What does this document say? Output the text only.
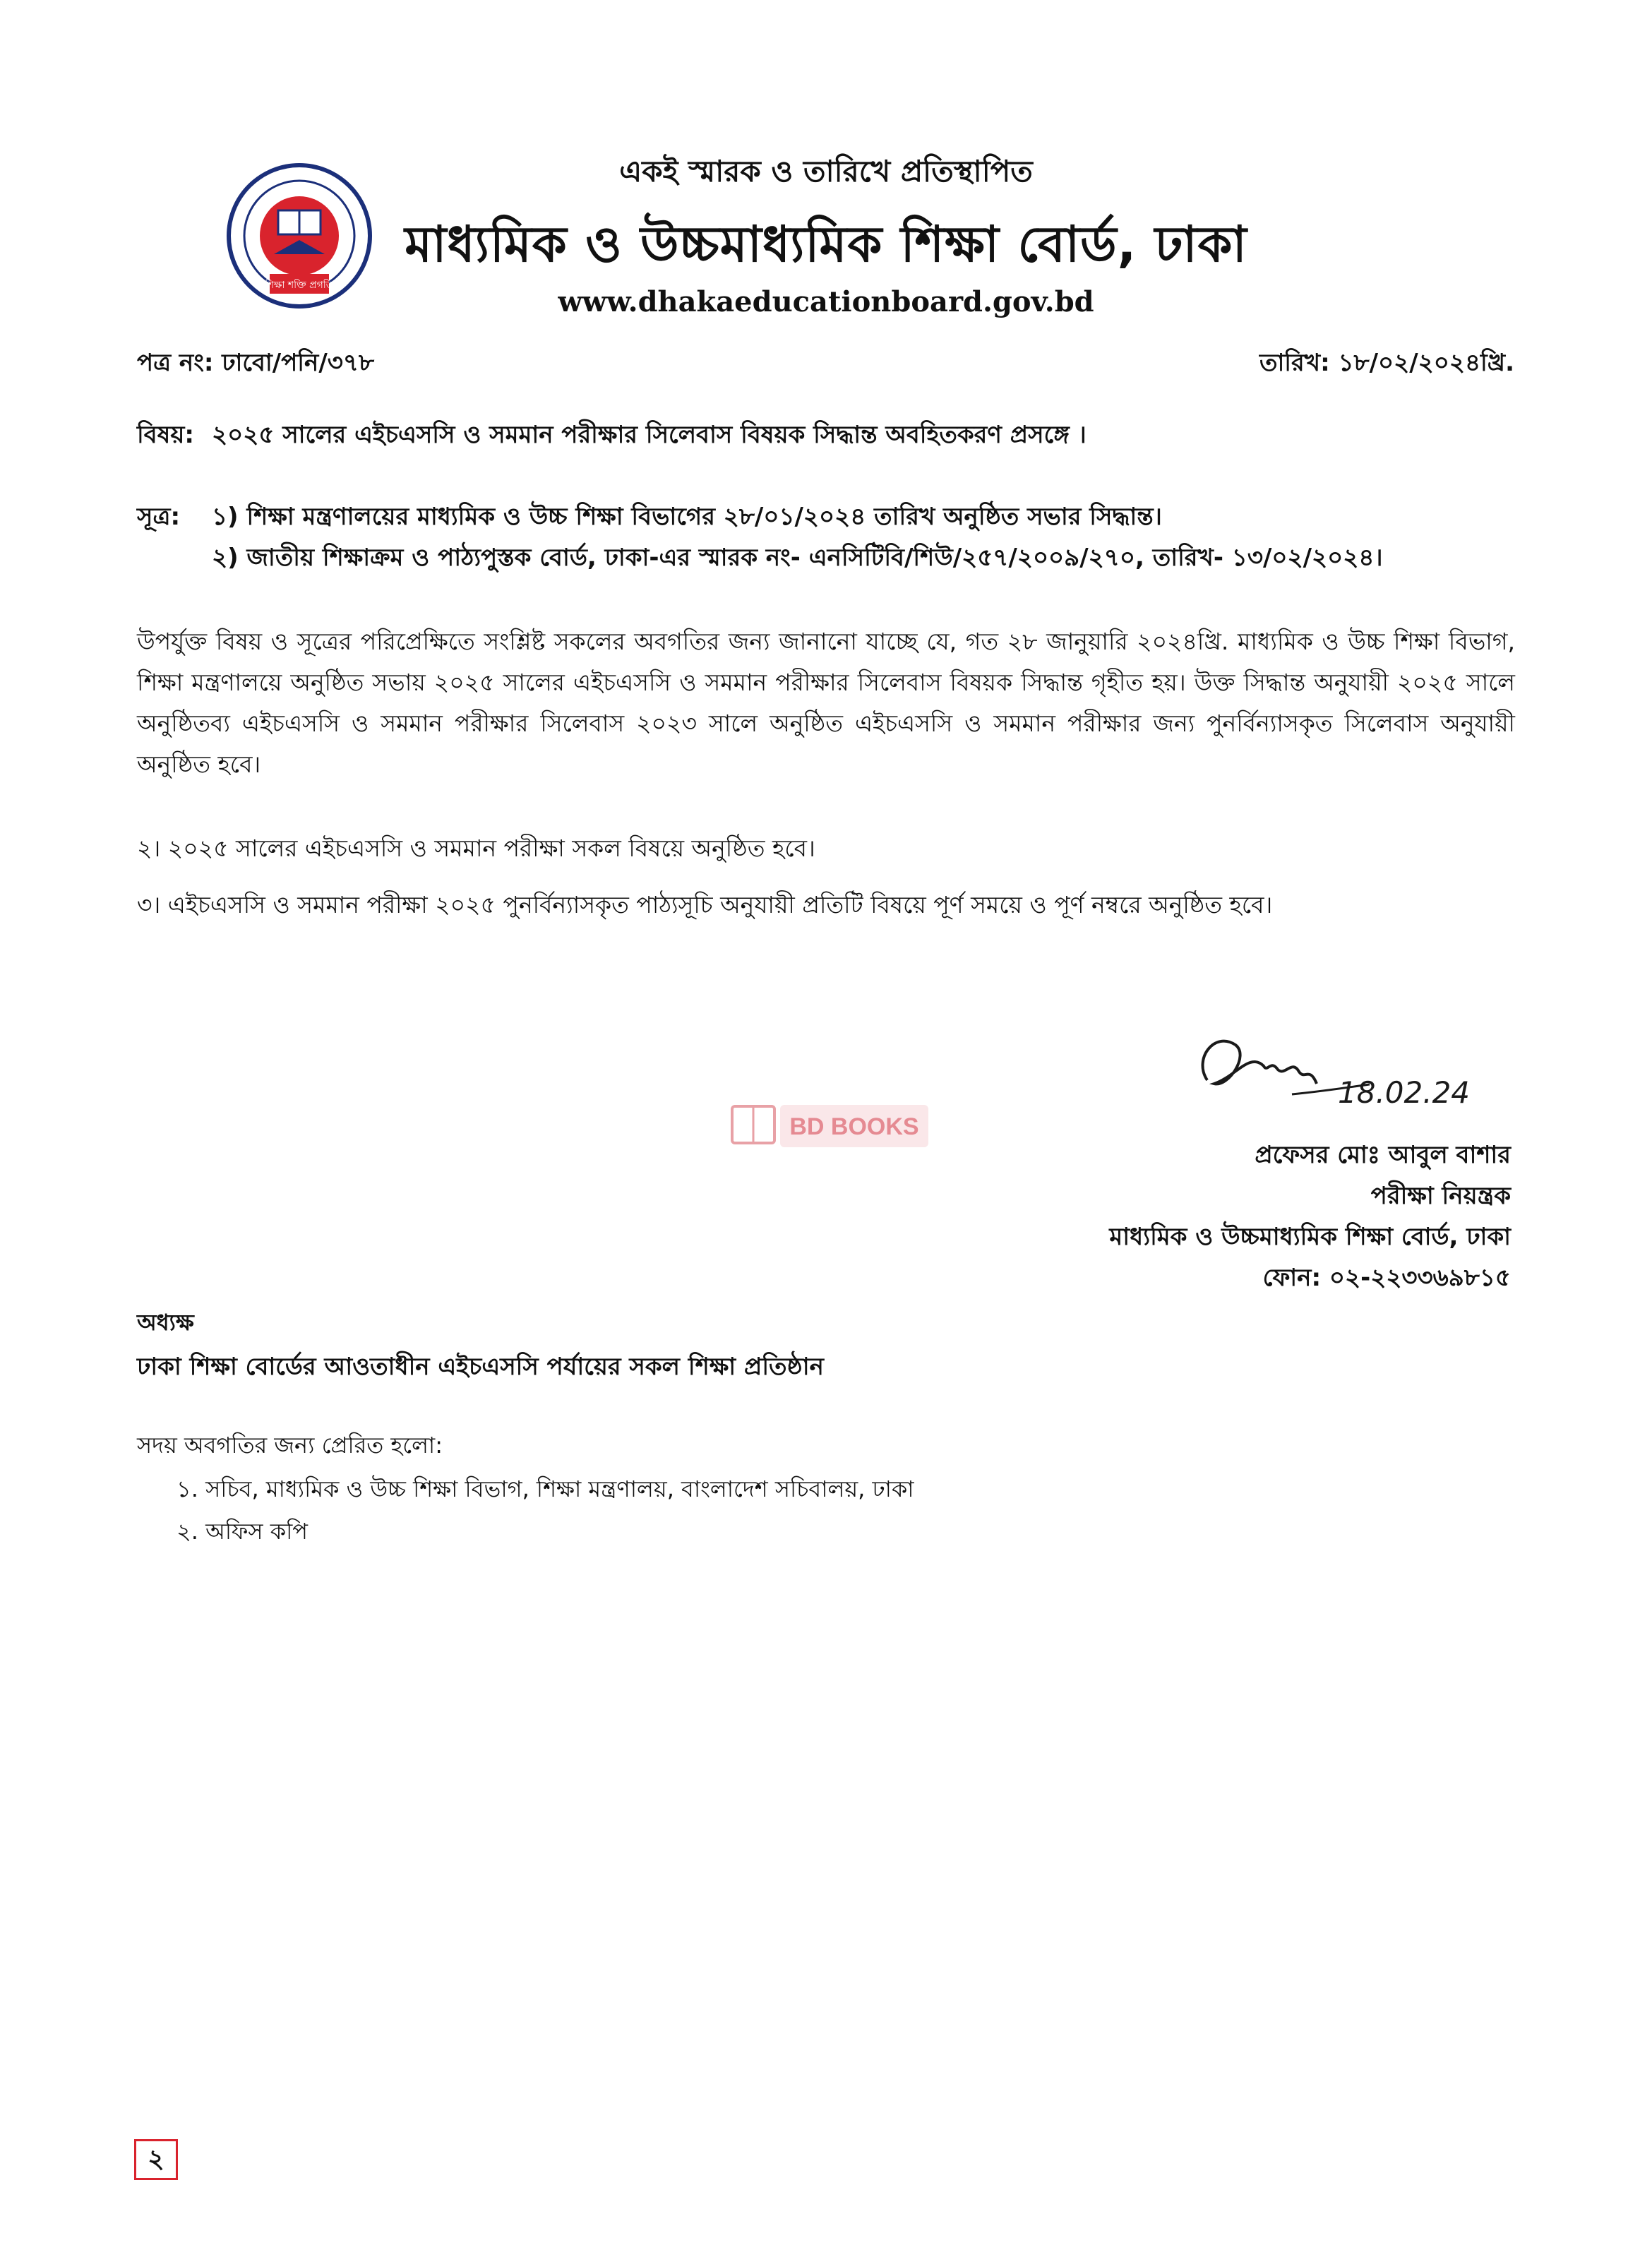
শিক্ষা শক্তি প্রগতি
একই স্মারক ও তারিখে প্রতিস্থাপিত
মাধ্যমিক ও উচ্চমাধ্যমিক শিক্ষা বোর্ড, ঢাকা
www.dhakaeducationboard.gov.bd
পত্র নং: ঢাবো/পনি/৩৭৮	তারিখ: ১৮/০২/২০২৪খ্রি.
বিষয়: ২০২৫ সালের এইচএসসি ও সমমান পরীক্ষার সিলেবাস বিষয়ক সিদ্ধান্ত অবহিতকরণ প্রসঙ্গে ।
সূত্র: ১) শিক্ষা মন্ত্রণালয়ের মাধ্যমিক ও উচ্চ শিক্ষা বিভাগের ২৮/০১/২০২৪ তারিখ অনুষ্ঠিত সভার সিদ্ধান্ত।
২) জাতীয় শিক্ষাক্রম ও পাঠ্যপুস্তক বোর্ড, ঢাকা-এর স্মারক নং- এনসিটিবি/শিউ/২৫৭/২০০৯/২৭০, তারিখ- ১৩/০২/২০২৪।
উপর্যুক্ত বিষয় ও সূত্রের পরিপ্রেক্ষিতে সংশ্লিষ্ট সকলের অবগতির জন্য জানানো যাচ্ছে যে, গত ২৮ জানুয়ারি ২০২৪খ্রি. মাধ্যমিক ও উচ্চ শিক্ষা বিভাগ, শিক্ষা মন্ত্রণালয়ে অনুষ্ঠিত সভায় ২০২৫ সালের এইচএসসি ও সমমান পরীক্ষার সিলেবাস বিষয়ক সিদ্ধান্ত গৃহীত হয়। উক্ত সিদ্ধান্ত অনুযায়ী ২০২৫ সালে অনুষ্ঠিতব্য এইচএসসি ও সমমান পরীক্ষার সিলেবাস ২০২৩ সালে অনুষ্ঠিত এইচএসসি ও সমমান পরীক্ষার জন্য পুনর্বিন্যাসকৃত সিলেবাস অনুযায়ী অনুষ্ঠিত হবে।
২। ২০২৫ সালের এইচএসসি ও সমমান পরীক্ষা সকল বিষয়ে অনুষ্ঠিত হবে।
৩। এইচএসসি ও সমমান পরীক্ষা ২০২৫ পুনর্বিন্যাসকৃত পাঠ্যসূচি অনুযায়ী প্রতিটি বিষয়ে পূর্ণ সময়ে ও পূর্ণ নম্বরে অনুষ্ঠিত হবে।
BD BOOKS
18.02.24
প্রফেসর মোঃ আবুল বাশার
পরীক্ষা নিয়ন্ত্রক
মাধ্যমিক ও উচ্চমাধ্যমিক শিক্ষা বোর্ড, ঢাকা
ফোন: ০২-২২৩৩৬৯৮১৫
অধ্যক্ষ
ঢাকা শিক্ষা বোর্ডের আওতাধীন এইচএসসি পর্যায়ের সকল শিক্ষা প্রতিষ্ঠান
সদয় অবগতির জন্য প্রেরিত হলো:
১. সচিব, মাধ্যমিক ও উচ্চ শিক্ষা বিভাগ, শিক্ষা মন্ত্রণালয়, বাংলাদেশ সচিবালয়, ঢাকা
২. অফিস কপি
২
